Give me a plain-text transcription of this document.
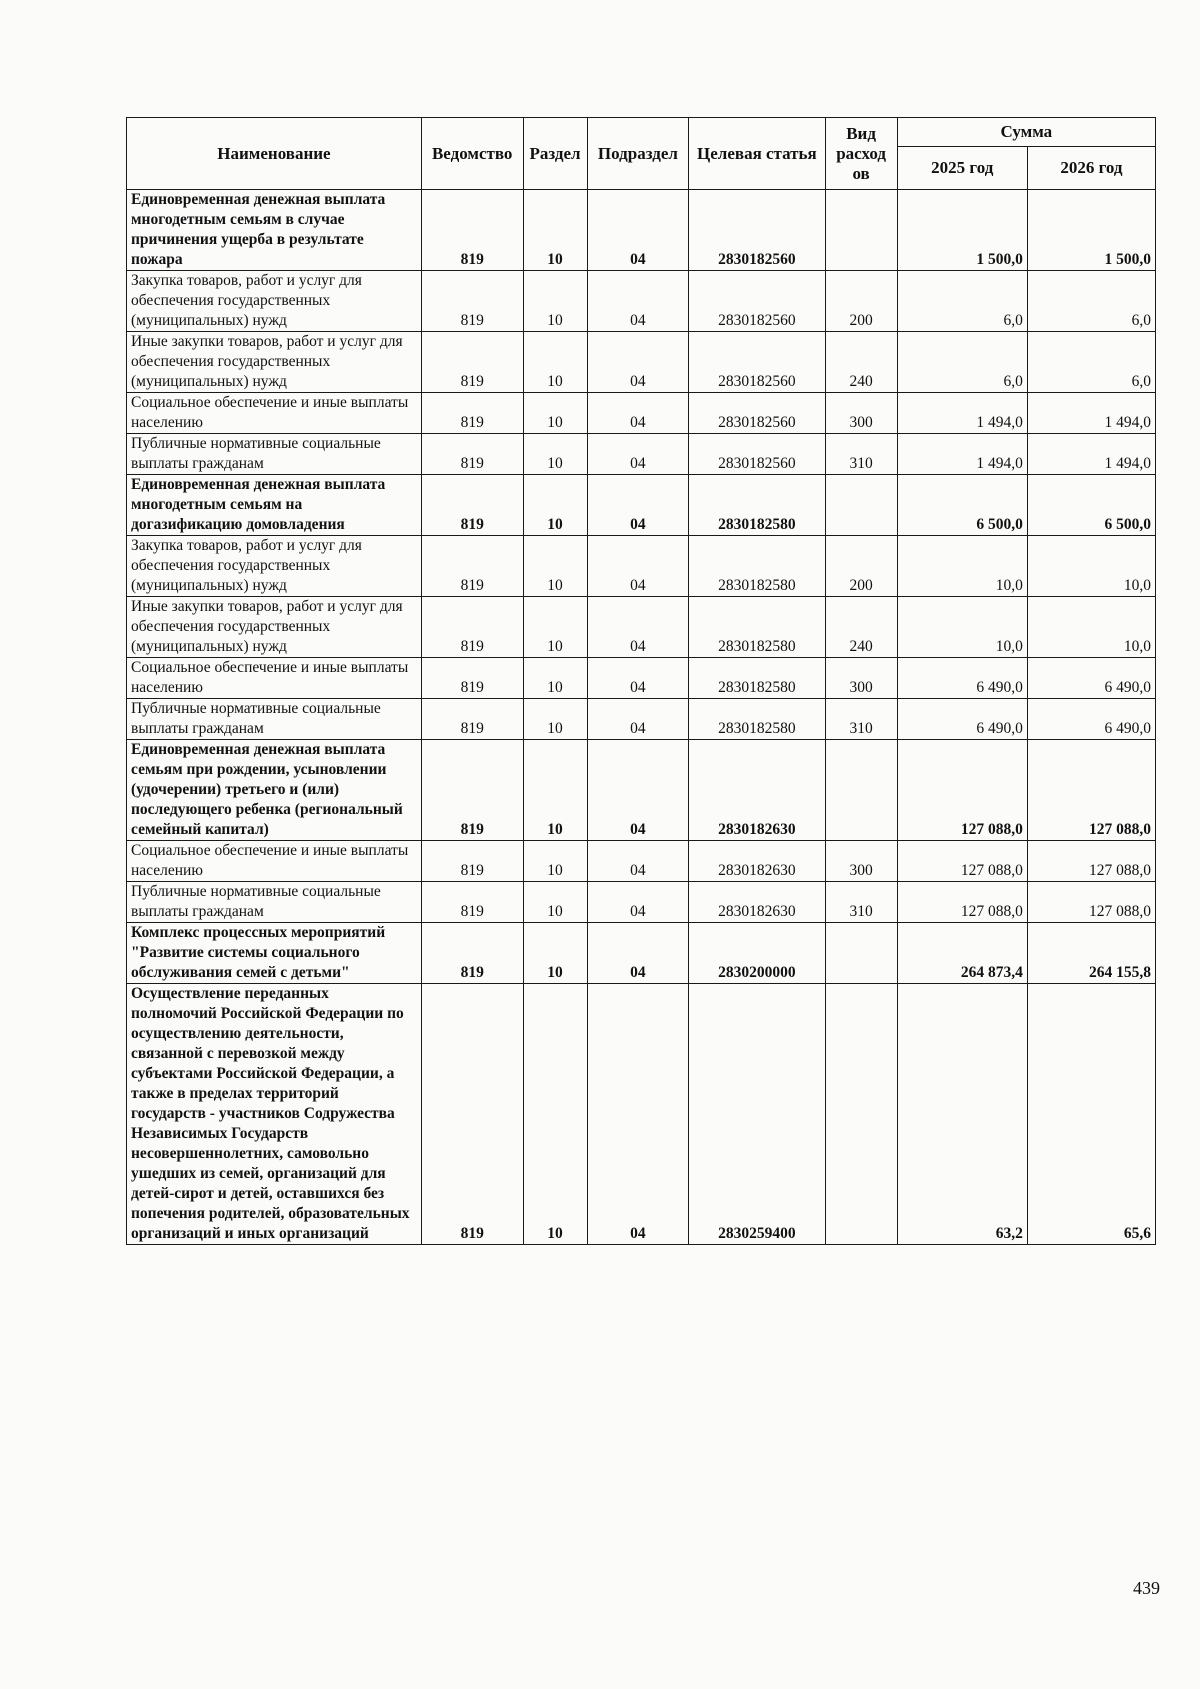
Наименование	Ведомство	Раздел	Подраздел	Целевая статья	Вид расход ов	Сумма	
						2025 год	2026 год
Единовременная денежная выплата многодетным семьям в случае причинения ущерба в результате пожара	819	10	04	2830182560		1 500,0	1 500,0
Закупка товаров, работ и услуг для обеспечения государственных (муниципальных) нужд	819	10	04	2830182560	200	6,0	6,0
Иные закупки товаров, работ и услуг для обеспечения государственных (муниципальных) нужд	819	10	04	2830182560	240	6,0	6,0
Социальное обеспечение и иные выплаты населению	819	10	04	2830182560	300	1 494,0	1 494,0
Публичные нормативные социальные выплаты гражданам	819	10	04	2830182560	310	1 494,0	1 494,0
Единовременная денежная выплата многодетным семьям на догазификацию домовладения	819	10	04	2830182580		6 500,0	6 500,0
Закупка товаров, работ и услуг для обеспечения государственных (муниципальных) нужд	819	10	04	2830182580	200	10,0	10,0
Иные закупки товаров, работ и услуг для обеспечения государственных (муниципальных) нужд	819	10	04	2830182580	240	10,0	10,0
Социальное обеспечение и иные выплаты населению	819	10	04	2830182580	300	6 490,0	6 490,0
Публичные нормативные социальные выплаты гражданам	819	10	04	2830182580	310	6 490,0	6 490,0
Единовременная денежная выплата семьям при рождении, усыновлении (удочерении) третьего и (или) последующего ребенка (региональный семейный капитал)	819	10	04	2830182630		127 088,0	127 088,0
Социальное обеспечение и иные выплаты населению	819	10	04	2830182630	300	127 088,0	127 088,0
Публичные нормативные социальные выплаты гражданам	819	10	04	2830182630	310	127 088,0	127 088,0
Комплекс процессных мероприятий "Развитие системы социального обслуживания семей с детьми"	819	10	04	2830200000		264 873,4	264 155,8
Осуществление переданных полномочий Российской Федерации по осуществлению деятельности, связанной с перевозкой между субъектами Российской Федерации, а также в пределах территорий государств - участников Содружества Независимых Государств несовершеннолетних, самовольно ушедших из семей, организаций для детей-сирот и детей, оставшихся без попечения родителей, образовательных организаций и иных организаций	819	10	04	2830259400		63,2	65,6
439
